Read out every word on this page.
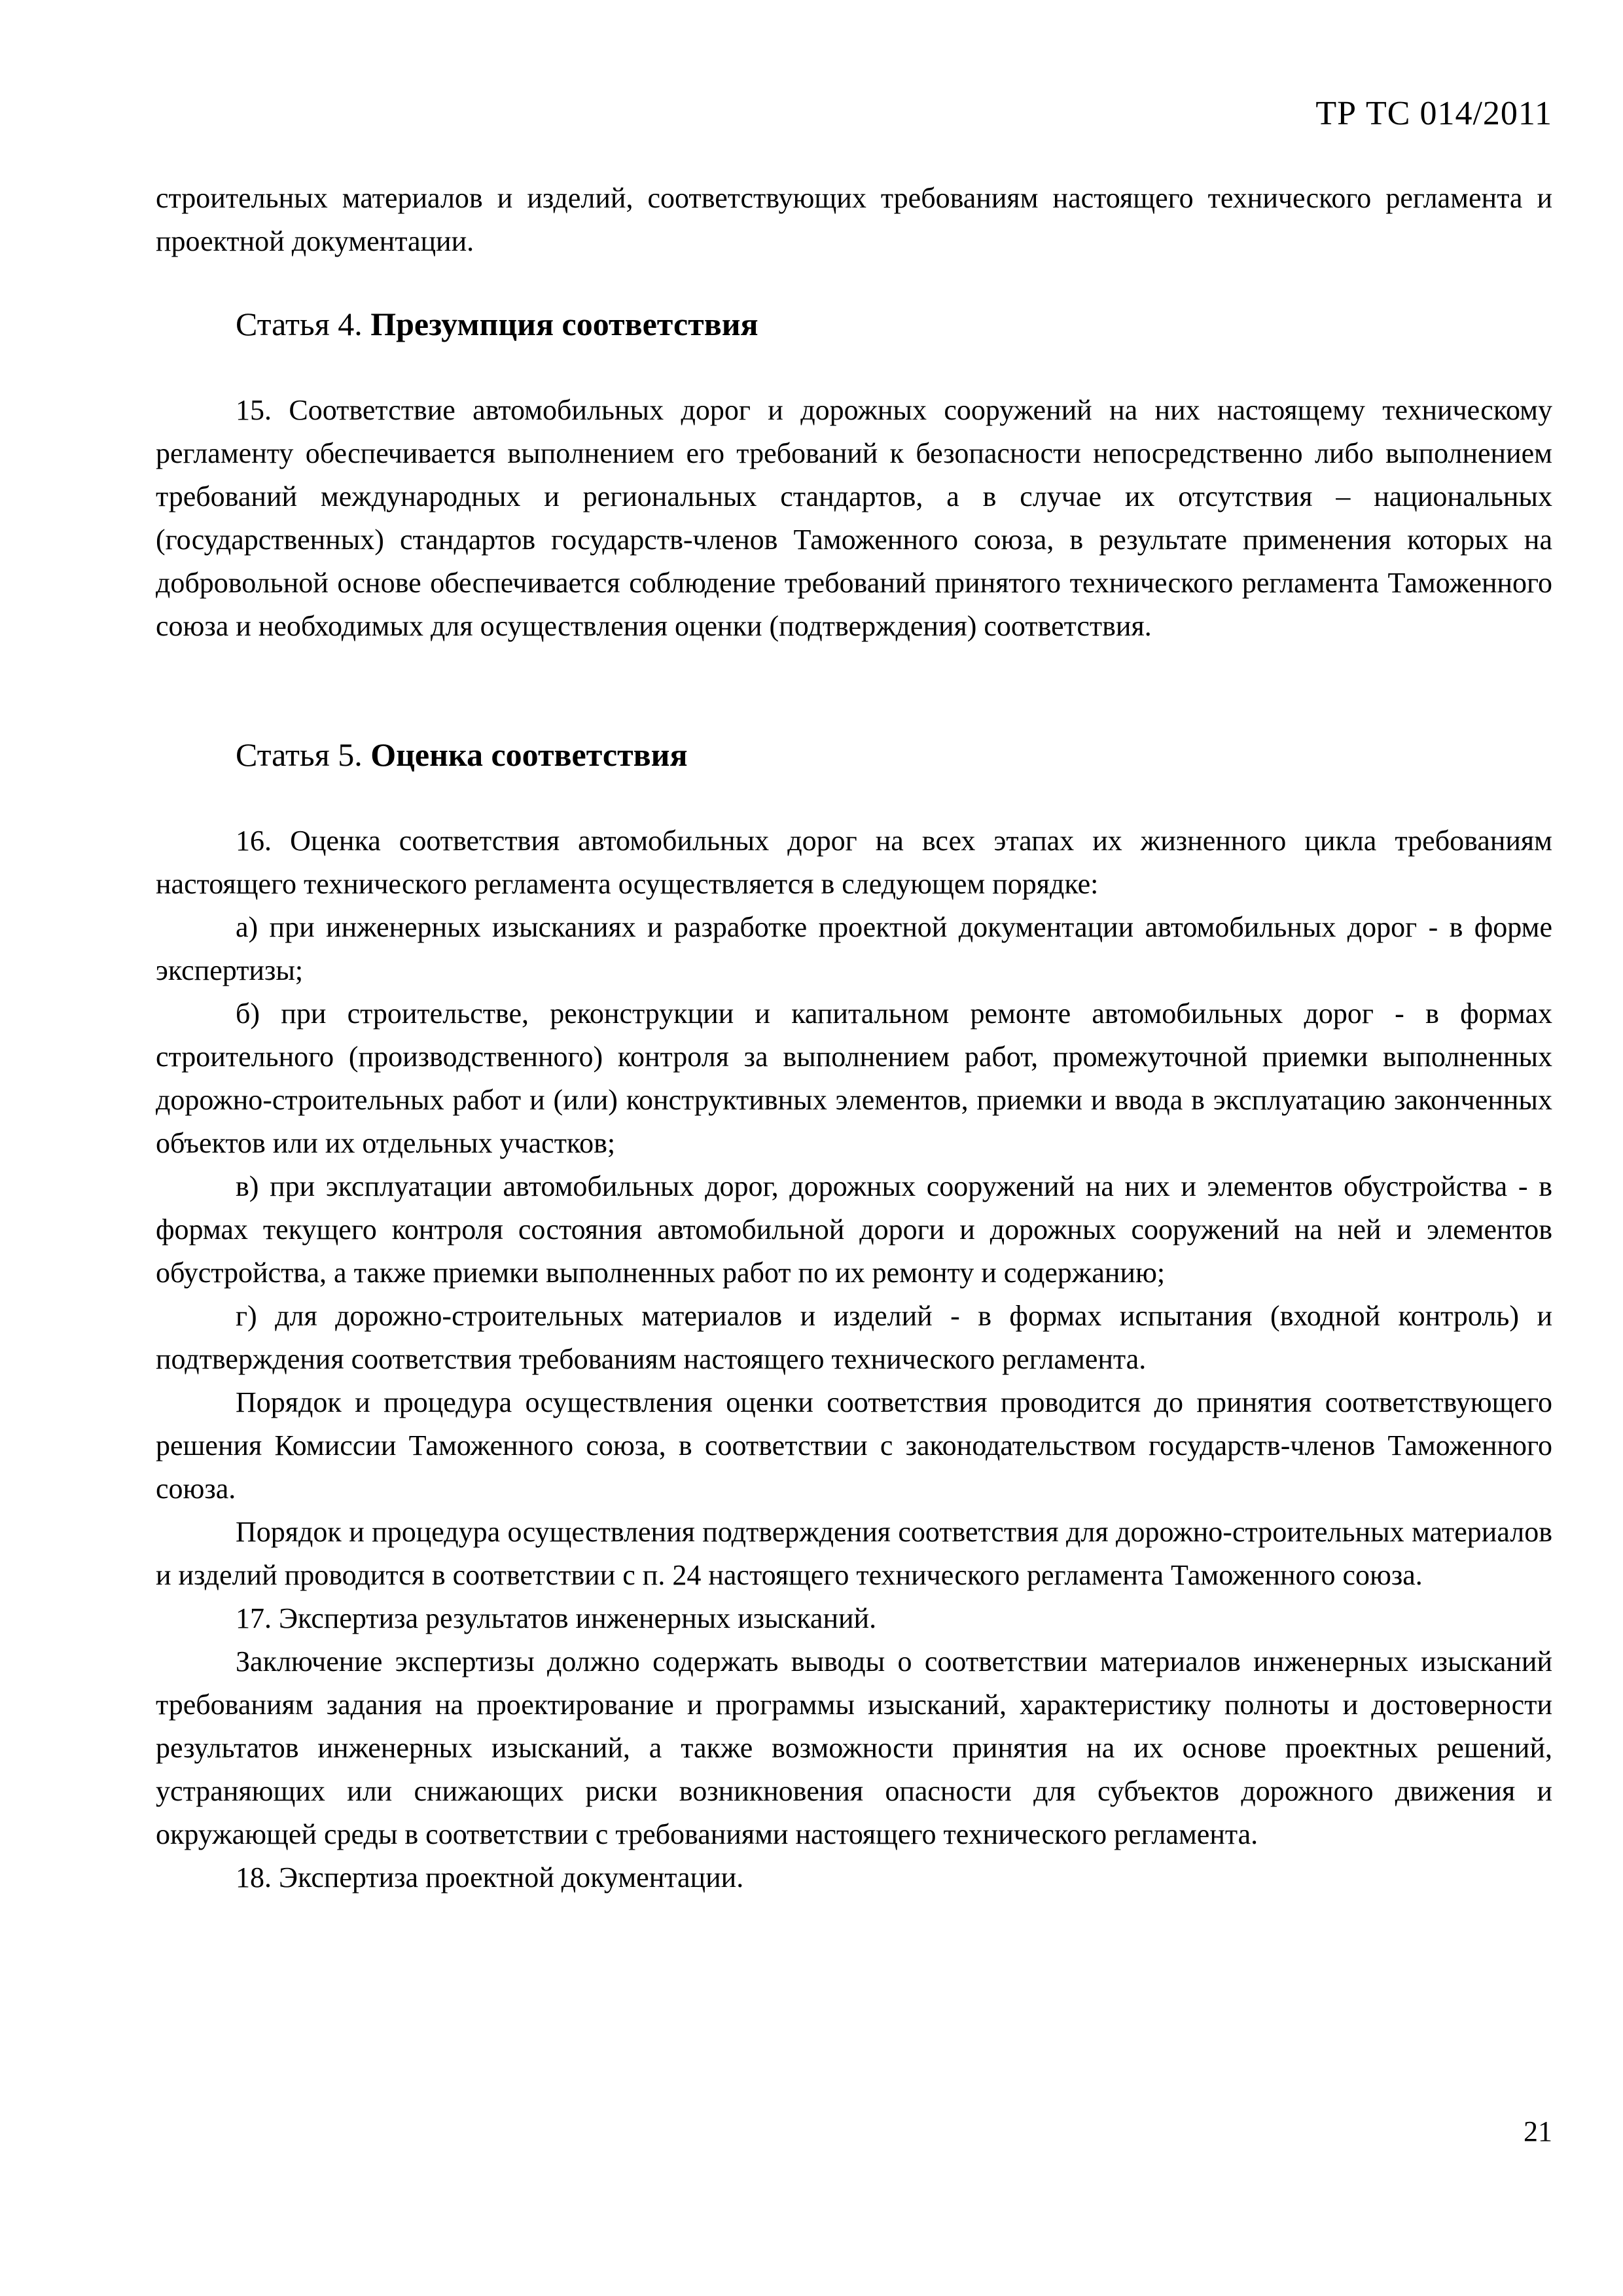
ТР ТС 014/2011

строительных материалов и изделий, соответствующих требованиям настоящего технического регламента и проектной документации.

Статья 4. Презумпция соответствия

15. Соответствие автомобильных дорог и дорожных сооружений на них настоящему техническому регламенту обеспечивается выполнением его требований к безопасности непосредственно либо выполнением требований международных и региональных стандартов, а в случае их отсутствия – национальных (государственных) стандартов государств-членов Таможенного союза, в результате применения которых на добровольной основе обеспечивается соблюдение требований принятого технического регламента Таможенного союза и необходимых для осуществления оценки (подтверждения) соответствия.

Статья 5. Оценка соответствия

16. Оценка соответствия автомобильных дорог на всех этапах их жизненного цикла требованиям настоящего технического регламента осуществляется в следующем порядке:

а) при инженерных изысканиях и разработке проектной документации автомобильных дорог - в форме экспертизы;

б) при строительстве, реконструкции и капитальном ремонте автомобильных дорог - в формах строительного (производственного) контроля за выполнением работ, промежуточной приемки выполненных дорожно-строительных работ и (или) конструктивных элементов, приемки и ввода в эксплуатацию законченных объектов или их отдельных участков;

в) при эксплуатации автомобильных дорог, дорожных сооружений на них и элементов обустройства - в формах текущего контроля состояния автомобильной дороги и дорожных сооружений на ней и элементов обустройства, а также приемки выполненных работ по их ремонту и содержанию;

г) для дорожно-строительных материалов и изделий - в формах испытания (входной контроль) и подтверждения соответствия требованиям настоящего технического регламента.

Порядок и процедура осуществления оценки соответствия проводится до принятия соответствующего решения Комиссии Таможенного союза, в соответствии с законодательством государств-членов Таможенного союза.

Порядок и процедура осуществления подтверждения соответствия для дорожно-строительных материалов и изделий проводится в соответствии с п. 24 настоящего технического регламента Таможенного союза.

17. Экспертиза результатов инженерных изысканий.

Заключение экспертизы должно содержать выводы о соответствии материалов инженерных изысканий требованиям задания на проектирование и программы изысканий, характеристику полноты и достоверности результатов инженерных изысканий, а также возможности принятия на их основе проектных решений, устраняющих или снижающих риски возникновения опасности для субъектов дорожного движения и окружающей среды в соответствии с требованиями настоящего технического регламента.

18. Экспертиза проектной документации.

21
